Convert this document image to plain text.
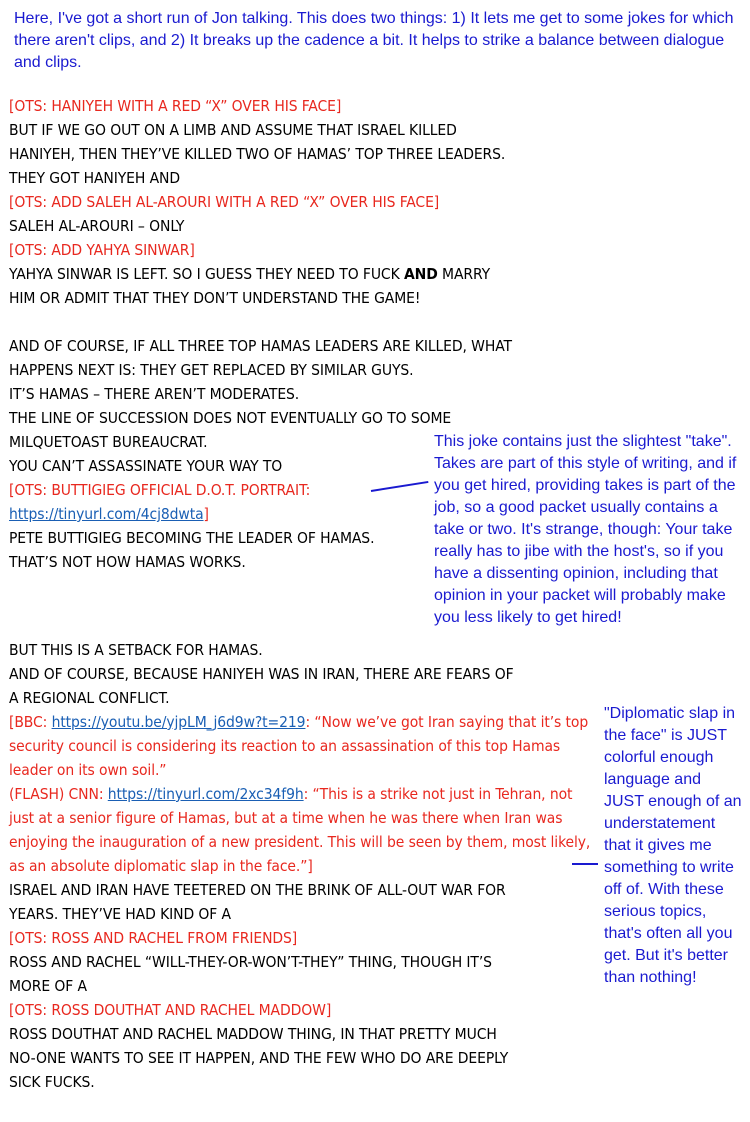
Here, I've got a short run of Jon talking. This does two things: 1) It lets me get to some jokes for which there aren't clips, and 2) It breaks up the cadence a bit. It helps to strike a balance between dialogue and clips.
This joke contains just the slightest "take". Takes are part of this style of writing, and if you get hired, providing takes is part of the job, so a good packet usually contains a take or two. It's strange, though: Your take really has to jibe with the host's, so if you have a dissenting opinion, including that opinion in your packet will probably make you less likely to get hired!
"Diplomatic slap in the face" is JUST colorful enough language and JUST enough of an understatement that it gives me something to write off of. With these serious topics, that's often all you get. But it's better than nothing!
[OTS: HANIYEH WITH A RED “X” OVER HIS FACE]
BUT IF WE GO OUT ON A LIMB AND ASSUME THAT ISRAEL KILLED
HANIYEH, THEN THEY’VE KILLED TWO OF HAMAS’ TOP THREE LEADERS.
THEY GOT HANIYEH AND
[OTS: ADD SALEH AL-AROURI WITH A RED “X” OVER HIS FACE]
SALEH AL-AROURI – ONLY
[OTS: ADD YAHYA SINWAR]
YAHYA SINWAR IS LEFT. SO I GUESS THEY NEED TO FUCK AND MARRY
HIM OR ADMIT THAT THEY DON’T UNDERSTAND THE GAME!
AND OF COURSE, IF ALL THREE TOP HAMAS LEADERS ARE KILLED, WHAT
HAPPENS NEXT IS: THEY GET REPLACED BY SIMILAR GUYS.
IT’S HAMAS – THERE AREN’T MODERATES.
THE LINE OF SUCCESSION DOES NOT EVENTUALLY GO TO SOME
MILQUETOAST BUREAUCRAT.
YOU CAN’T ASSASSINATE YOUR WAY TO
[OTS: BUTTIGIEG OFFICIAL D.O.T. PORTRAIT:
https://tinyurl.com/4cj8dwta]
PETE BUTTIGIEG BECOMING THE LEADER OF HAMAS.
THAT’S NOT HOW HAMAS WORKS.
BUT THIS IS A SETBACK FOR HAMAS.
AND OF COURSE, BECAUSE HANIYEH WAS IN IRAN, THERE ARE FEARS OF
A REGIONAL CONFLICT.
[BBC: https://youtu.be/yjpLM_j6d9w?t=219: “Now we’ve got Iran saying that it’s top security council is considering its reaction to an assassination of this top Hamas leader on its own soil.”
(FLASH) CNN: https://tinyurl.com/2xc34f9h: “This is a strike not just in Tehran, not just at a senior figure of Hamas, but at a time when he was there when Iran was enjoying the inauguration of a new president. This will be seen by them, most likely, as an absolute diplomatic slap in the face.”]
ISRAEL AND IRAN HAVE TEETERED ON THE BRINK OF ALL-OUT WAR FOR
YEARS. THEY’VE HAD KIND OF A
[OTS: ROSS AND RACHEL FROM FRIENDS]
ROSS AND RACHEL “WILL-THEY-OR-WON’T-THEY” THING, THOUGH IT’S
MORE OF A
[OTS: ROSS DOUTHAT AND RACHEL MADDOW]
ROSS DOUTHAT AND RACHEL MADDOW THING, IN THAT PRETTY MUCH
NO-ONE WANTS TO SEE IT HAPPEN, AND THE FEW WHO DO ARE DEEPLY
SICK FUCKS.
